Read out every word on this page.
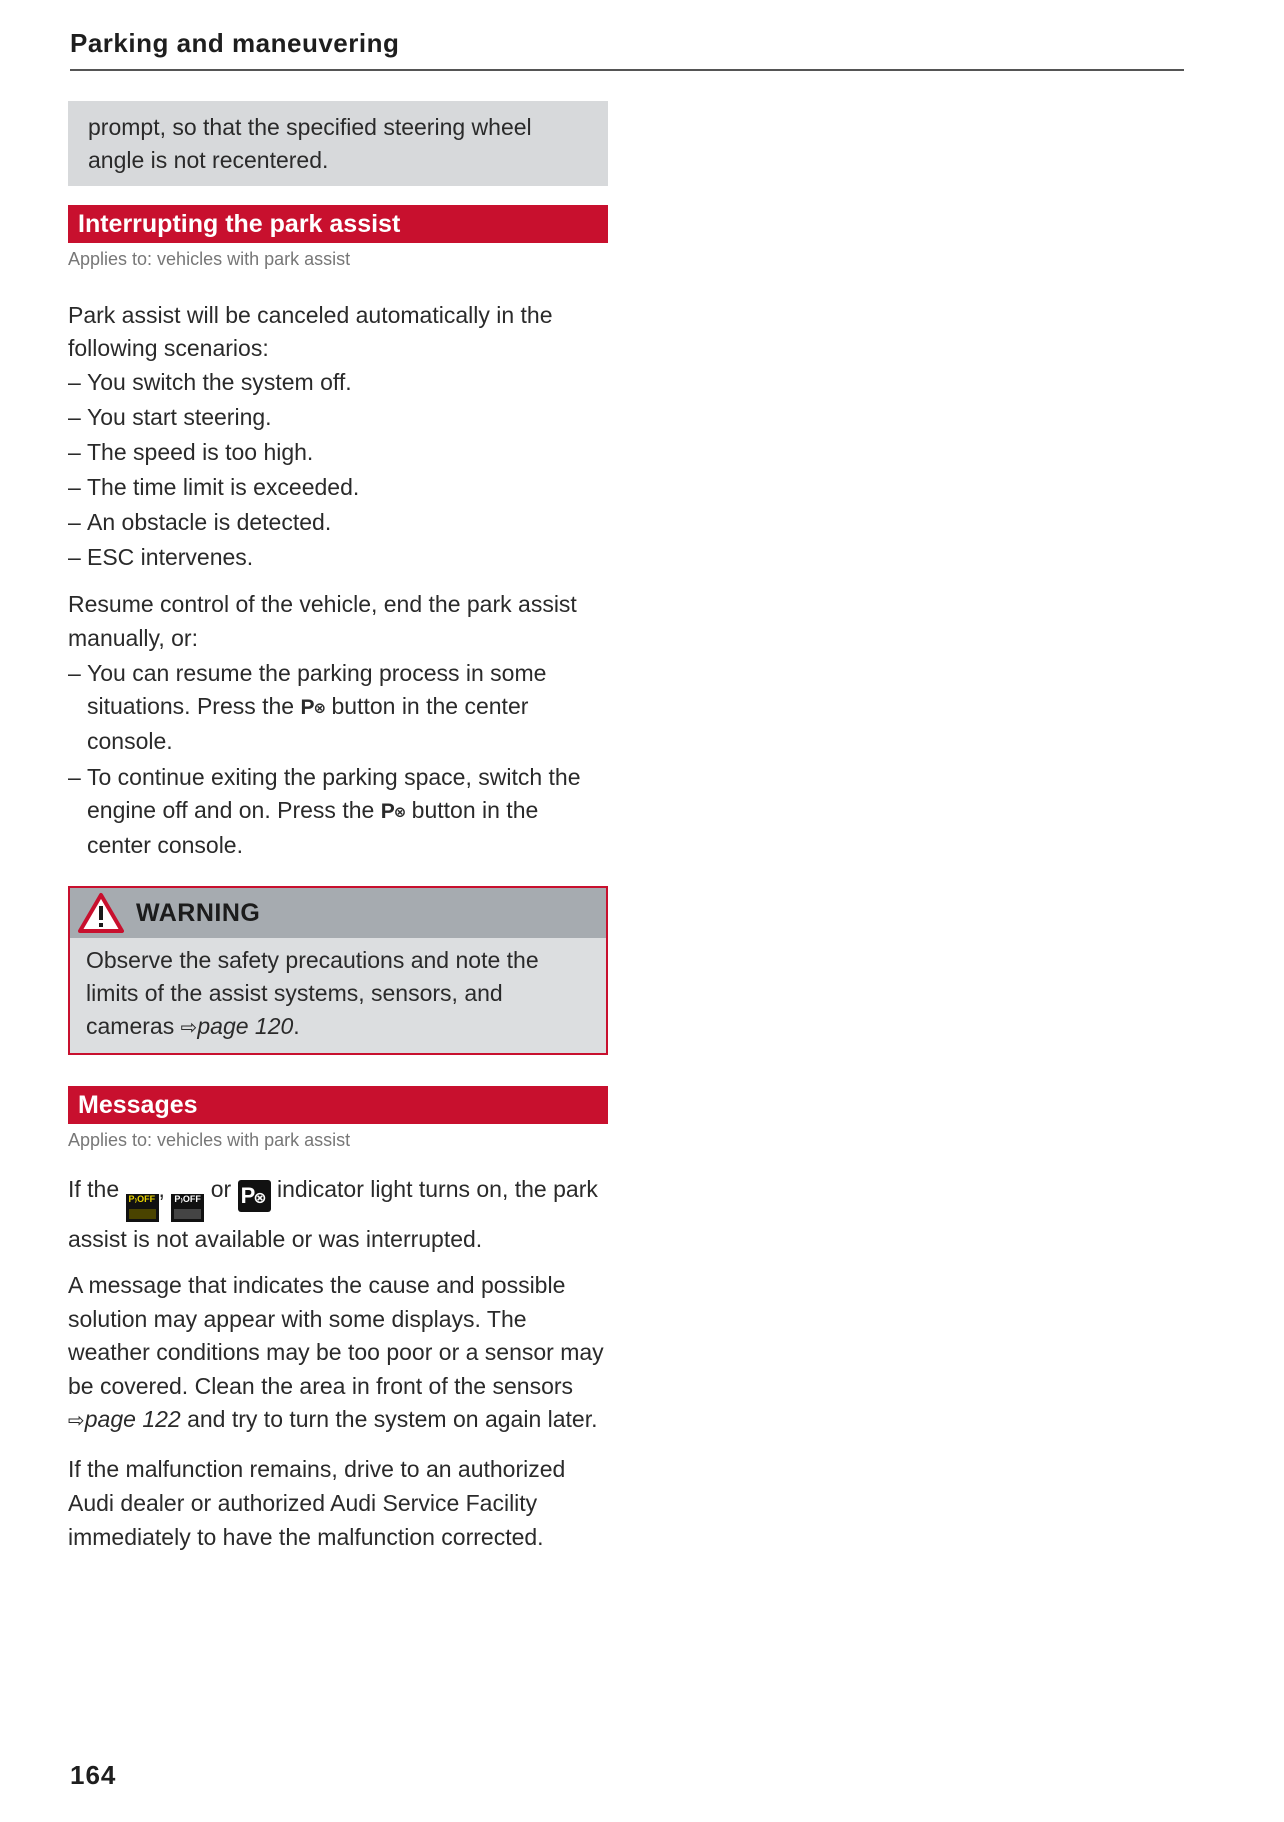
Parking and maneuvering
prompt, so that the specified steering wheel angle is not recentered.
Interrupting the park assist
Applies to: vehicles with park assist

Park assist will be canceled automatically in the following scenarios:

– You switch the system off.
– You start steering.
– The speed is too high.
– The time limit is exceeded.
– An obstacle is detected.
– ESC intervenes.

Resume control of the vehicle, end the park assist manually, or:

– You can resume the parking process in some situations. Press the P⊗ button in the center console.
– To continue exiting the parking space, switch the engine off and on. Press the P⊗ button in the center console.
WARNING
Observe the safety precautions and note the limits of the assist systems, sensors, and cameras ⇨page 120.
Messages
Applies to: vehicles with park assist

If the P₎OFF , P₎OFF or P⊗ indicator light turns on, the park assist is not available or was interrupted.

A message that indicates the cause and possible solution may appear with some displays. The weather conditions may be too poor or a sensor may be covered. Clean the area in front of the sensors ⇨page 122 and try to turn the system on again later.

If the malfunction remains, drive to an authorized Audi dealer or authorized Audi Service Facility immediately to have the malfunction corrected.

164
